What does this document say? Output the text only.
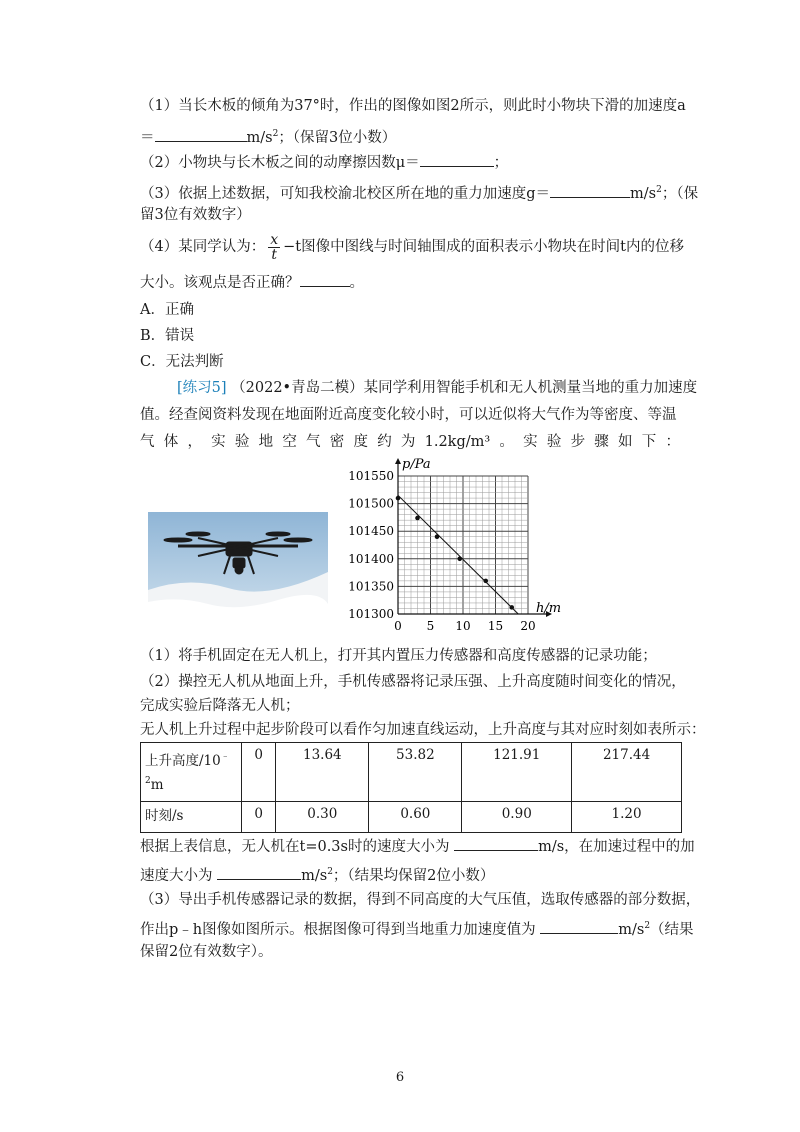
（1）当长木板的倾角为37°时，作出的图像如图2所示，则此时小物块下滑的加速度a
＝	$m/s^2$；（保留3位小数）
（2）小物块与长木板之间的动摩擦因数μ＝	；
（3）依据上述数据，可知我校渝北校区所在地的重力加速度g＝	$m/s^2$；（保
留3位有效数字）
（4）某同学认为： $\frac{x}{t} -t$图像中图线与时间轴围成的面积表示小物块在时间t内的位移
大小。该观点是否正确？	。
A．正确
B．错误
C．无法判断
[练习5] （2022•青岛二模）某同学利用智能手机和无人机测量当地的重力加速度
值。经查阅资料发现在地面附近高度变化较小时，可以近似将大气作为等密度、等温
气 体 ， 实 验 地 空 气 密 度 约 为 1.2kg/m³ 。 实 验 步 骤 如 下 ：
101300
101350
101400
101450
101500
101550
0 5 10 15 20
p/Pa
h/m
（1）将手机固定在无人机上，打开其内置压力传感器和高度传感器的记录功能；
（2）操控无人机从地面上升，手机传感器将记录压强、上升高度随时间变化的情况，
完成实验后降落无人机；
无人机上升过程中起步阶段可以看作匀加速直线运动，上升高度与其对应时刻如表所示：
上升高度/10﹣
$^2$m	0	13.64	53.82	121.91	217.44
时刻/s	0	0.30	0.60	0.90	1.20
根据上表信息，无人机在t=0.3s时的速度大小为	m/s，在加速过程中的加
速度大小为	$m/s^2$；（结果均保留2位小数）
（3）导出手机传感器记录的数据，得到不同高度的大气压值，选取传感器的部分数据，
作出p﹣h图像如图所示。根据图像可得到当地重力加速度值为	$m/s^2$（结果
保留2位有效数字）。
6
